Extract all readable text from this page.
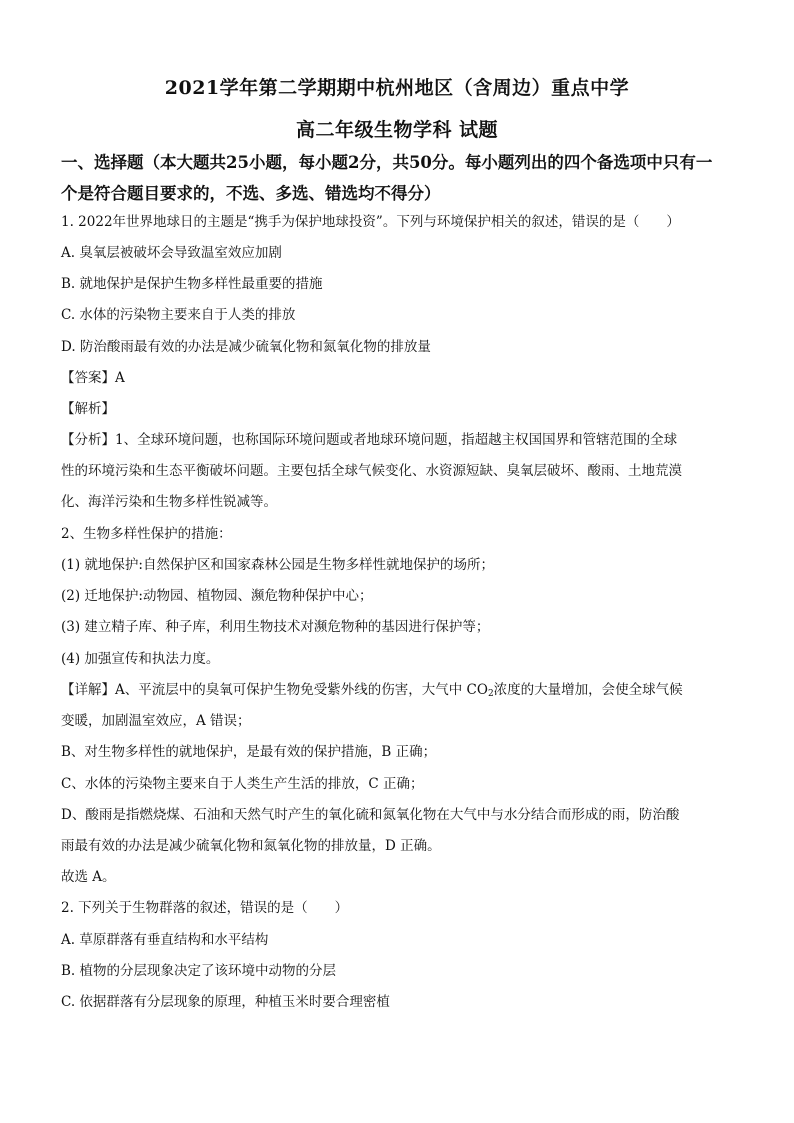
2021学年第二学期期中杭州地区（含周边）重点中学
高二年级生物学科 试题
一、选择题（本大题共25小题，每小题2分，共50分。每小题列出的四个备选项中只有一
个是符合题目要求的，不选、多选、错选均不得分）
1. 2022年世界地球日的主题是“携手为保护地球投资”。下列与环境保护相关的叙述，错误的是（　　）
A. 臭氧层被破坏会导致温室效应加剧
B. 就地保护是保护生物多样性最重要的措施
C. 水体的污染物主要来自于人类的排放
D. 防治酸雨最有效的办法是减少硫氧化物和氮氧化物的排放量
【答案】A
【解析】
【分析】1、全球环境问题，也称国际环境问题或者地球环境问题，指超越主权国国界和管辖范围的全球
性的环境污染和生态平衡破坏问题。主要包括全球气候变化、水资源短缺、臭氧层破坏、酸雨、土地荒漠
化、海洋污染和生物多样性锐减等。
2、生物多样性保护的措施：
(1) 就地保护:自然保护区和国家森林公园是生物多样性就地保护的场所；
(2) 迁地保护:动物园、植物园、濒危物种保护中心；
(3) 建立精子库、种子库，利用生物技术对濒危物种的基因进行保护等；
(4) 加强宣传和执法力度。
【详解】A、平流层中的臭氧可保护生物免受紫外线的伤害，大气中 $CO_2$浓度的大量增加，会使全球气候
变暖，加剧温室效应，A 错误；
B、对生物多样性的就地保护，是最有效的保护措施，B 正确；
C、水体的污染物主要来自于人类生产生活的排放，C 正确；
D、酸雨是指燃烧煤、石油和天然气时产生的氧化硫和氮氧化物在大气中与水分结合而形成的雨，防治酸
雨最有效的办法是减少硫氧化物和氮氧化物的排放量，D 正确。
故选 A。
2. 下列关于生物群落的叙述，错误的是（　　）
A. 草原群落有垂直结构和水平结构
B. 植物的分层现象决定了该环境中动物的分层
C. 依据群落有分层现象的原理，种植玉米时要合理密植
